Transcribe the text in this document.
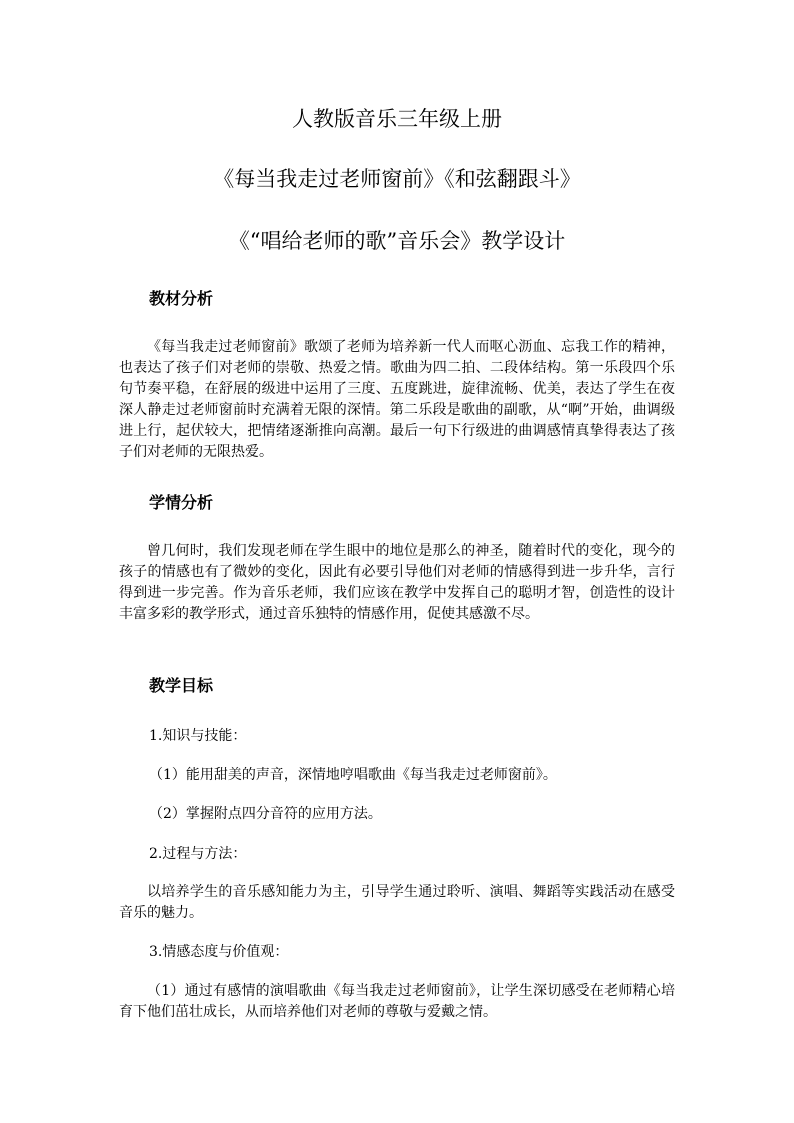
人教版音乐三年级上册
《每当我走过老师窗前》《和弦翻跟斗》
《“唱给老师的歌”音乐会》教学设计
教材分析

《每当我走过老师窗前》歌颂了老师为培养新一代人而呕心沥血、忘我工作的精神，也表达了孩子们对老师的崇敬、热爱之情。歌曲为四二拍、二段体结构。第一乐段四个乐句节奏平稳，在舒展的级进中运用了三度、五度跳进，旋律流畅、优美，表达了学生在夜深人静走过老师窗前时充满着无限的深情。第二乐段是歌曲的副歌，从“啊”开始，曲调级进上行，起伏较大，把情绪逐渐推向高潮。最后一句下行级进的曲调感情真挚得表达了孩子们对老师的无限热爱。

学情分析

曾几何时，我们发现老师在学生眼中的地位是那么的神圣，随着时代的变化，现今的孩子的情感也有了微妙的变化，因此有必要引导他们对老师的情感得到进一步升华，言行得到进一步完善。作为音乐老师，我们应该在教学中发挥自己的聪明才智，创造性的设计丰富多彩的教学形式，通过音乐独特的情感作用，促使其感激不尽。

教学目标
1.知识与技能：
（1）能用甜美的声音，深情地哼唱歌曲《每当我走过老师窗前》。
（2）掌握附点四分音符的应用方法。
2.过程与方法：

以培养学生的音乐感知能力为主，引导学生通过聆听、演唱、舞蹈等实践活动在感受音乐的魅力。

3.情感态度与价值观：

（1）通过有感情的演唱歌曲《每当我走过老师窗前》，让学生深切感受在老师精心培育下他们茁壮成长，从而培养他们对老师的尊敬与爱戴之情。
